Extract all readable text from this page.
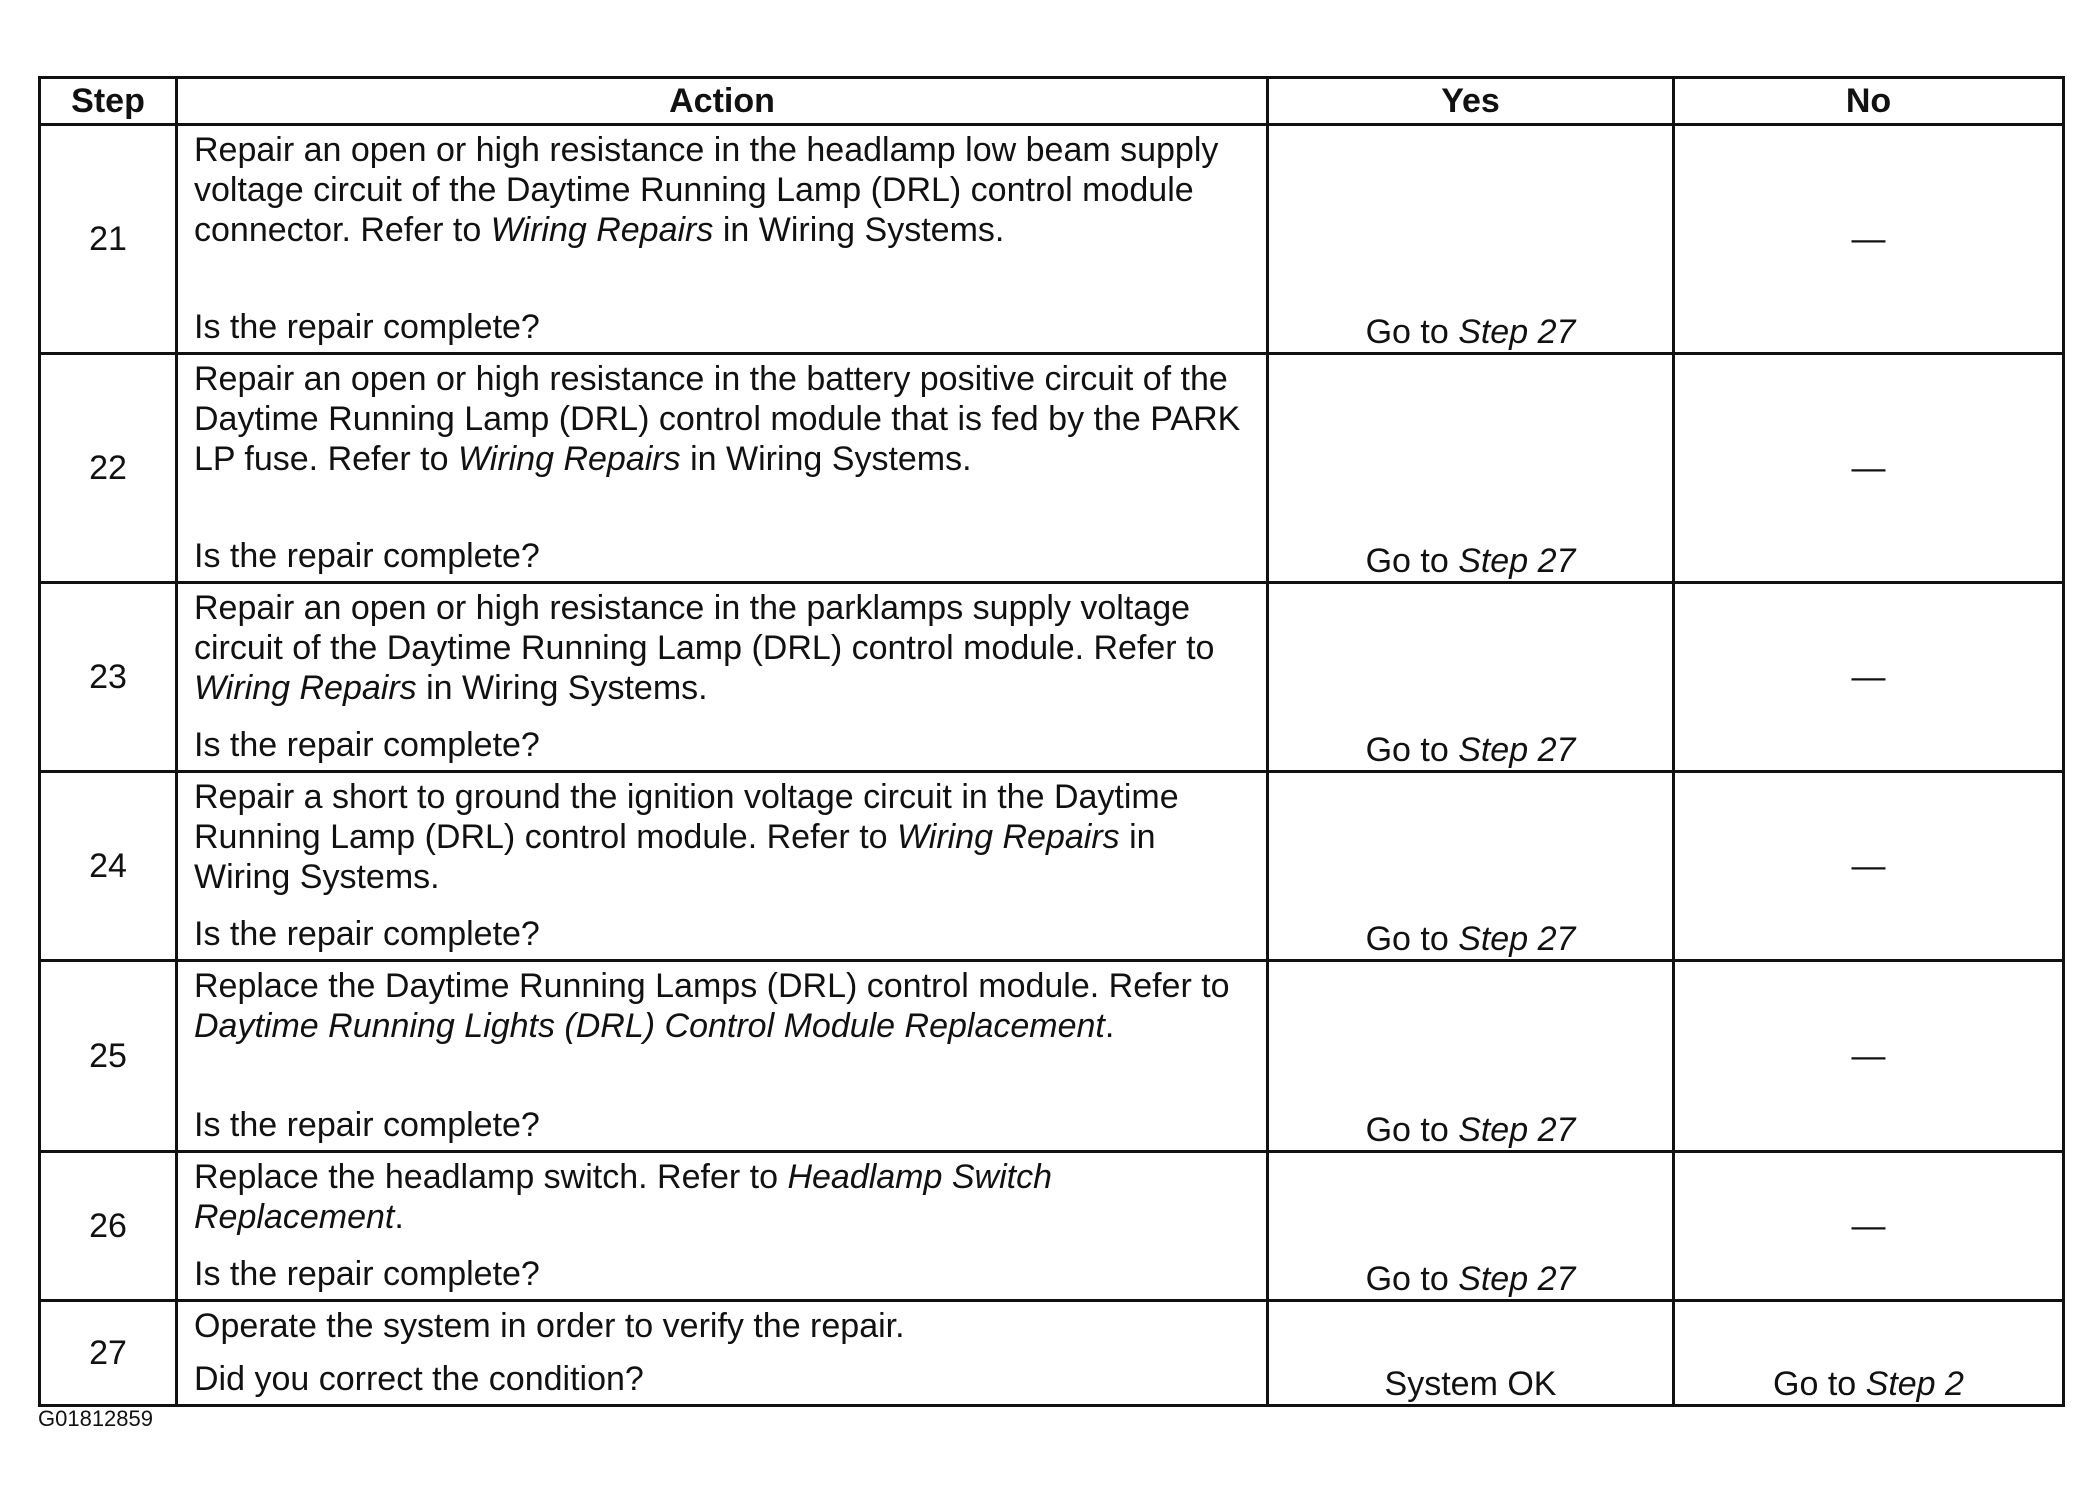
Step	Action	Yes	No
21	Repair an open or high resistance in the headlamp low beam supply voltage circuit of the Daytime Running Lamp (DRL) control module connector. Refer to Wiring Repairs in Wiring Systems.
Is the repair complete?	Go to Step 27	—
22	Repair an open or high resistance in the battery positive circuit of the Daytime Running Lamp (DRL) control module that is fed by the PARK LP fuse. Refer to Wiring Repairs in Wiring Systems.
Is the repair complete?	Go to Step 27	—
23	Repair an open or high resistance in the parklamps supply voltage circuit of the Daytime Running Lamp (DRL) control module. Refer to Wiring Repairs in Wiring Systems.
Is the repair complete?	Go to Step 27	—
24	Repair a short to ground the ignition voltage circuit in the Daytime Running Lamp (DRL) control module. Refer to Wiring Repairs in Wiring Systems.
Is the repair complete?	Go to Step 27	—
25	Replace the Daytime Running Lamps (DRL) control module. Refer to Daytime Running Lights (DRL) Control Module Replacement.
Is the repair complete?	Go to Step 27	—
26	Replace the headlamp switch. Refer to Headlamp Switch Replacement.
Is the repair complete?	Go to Step 27	—
27	Operate the system in order to verify the repair.
Did you correct the condition?	System OK	Go to Step 2
G01812859
